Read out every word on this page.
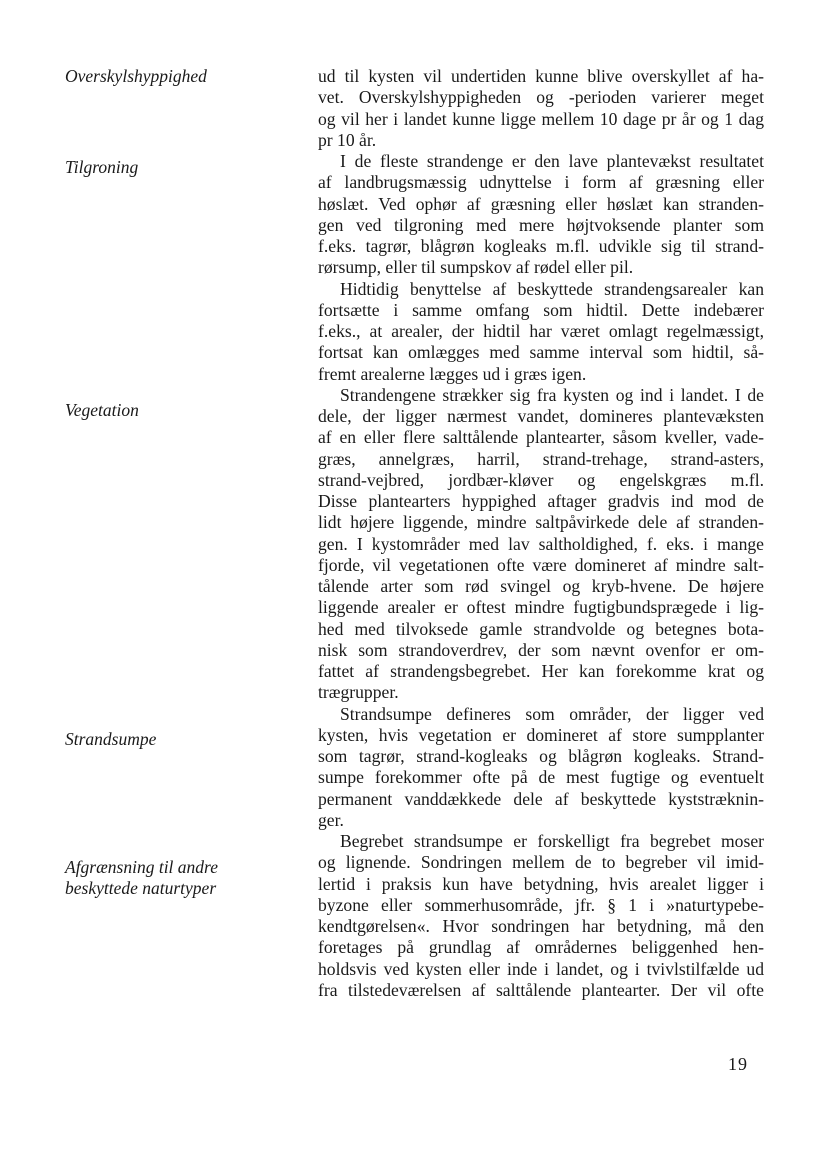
Overskylshyppighed
Tilgroning
Vegetation
Strandsumpe
Afgrænsning til andre
beskyttede naturtyper
ud til kysten vil undertiden kunne blive overskyllet af ha-
vet. Overskylshyppigheden og -perioden varierer meget
og vil her i landet kunne ligge mellem 10 dage pr år og 1 dag
pr 10 år.
I de fleste strandenge er den lave plantevækst resultatet
af landbrugsmæssig udnyttelse i form af græsning eller
høslæt. Ved ophør af græsning eller høslæt kan stranden-
gen ved tilgroning med mere højtvoksende planter som
f.eks. tagrør, blågrøn kogleaks m.fl. udvikle sig til strand-
rørsump, eller til sumpskov af rødel eller pil.
Hidtidig benyttelse af beskyttede strandengsarealer kan
fortsætte i samme omfang som hidtil. Dette indebærer
f.eks., at arealer, der hidtil har været omlagt regelmæssigt,
fortsat kan omlægges med samme interval som hidtil, så-
fremt arealerne lægges ud i græs igen.
Strandengene strækker sig fra kysten og ind i landet. I de
dele, der ligger nærmest vandet, domineres plantevæksten
af en eller flere salttålende plantearter, såsom kveller, vade-
græs, annelgræs, harril, strand-trehage, strand-asters,
strand-vejbred, jordbær-kløver og engelskgræs m.fl.
Disse plantearters hyppighed aftager gradvis ind mod de
lidt højere liggende, mindre saltpåvirkede dele af stranden-
gen. I kystområder med lav saltholdighed, f. eks. i mange
fjorde, vil vegetationen ofte være domineret af mindre salt-
tålende arter som rød svingel og kryb-hvene. De højere
liggende arealer er oftest mindre fugtigbundsprægede i lig-
hed med tilvoksede gamle strandvolde og betegnes bota-
nisk som strandoverdrev, der som nævnt ovenfor er om-
fattet af strandengsbegrebet. Her kan forekomme krat og
trægrupper.
Strandsumpe defineres som områder, der ligger ved
kysten, hvis vegetation er domineret af store sumpplanter
som tagrør, strand-kogleaks og blågrøn kogleaks. Strand-
sumpe forekommer ofte på de mest fugtige og eventuelt
permanent vanddækkede dele af beskyttede kyststræknin-
ger.
Begrebet strandsumpe er forskelligt fra begrebet moser
og lignende. Sondringen mellem de to begreber vil imid-
lertid i praksis kun have betydning, hvis arealet ligger i
byzone eller sommerhusområde, jfr. § 1 i »naturtypebe-
kendtgørelsen«. Hvor sondringen har betydning, må den
foretages på grundlag af områdernes beliggenhed hen-
holdsvis ved kysten eller inde i landet, og i tvivlstilfælde ud
fra tilstedeværelsen af salttålende plantearter. Der vil ofte
19
